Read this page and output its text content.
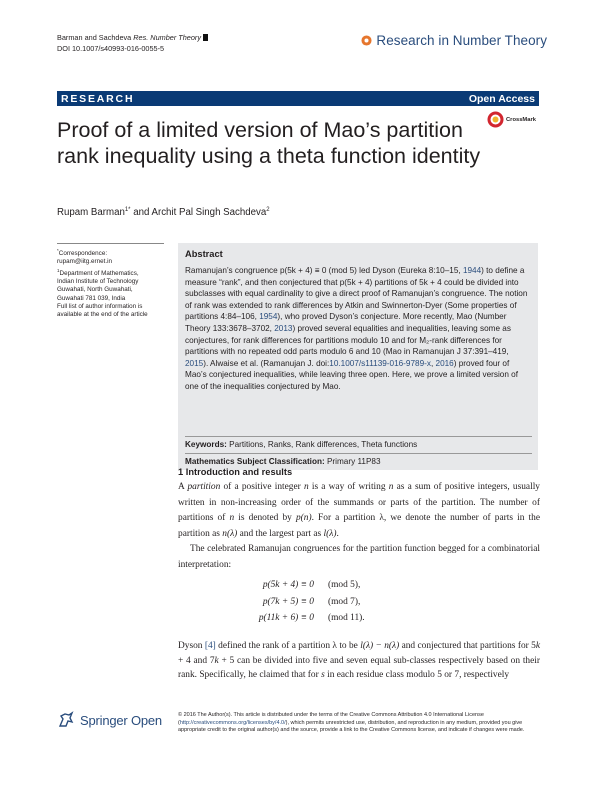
Barman and Sachdeva Res. Number Theory
DOI 10.1007/s40993-016-0055-5
Research in Number Theory
RESEARCH	Open Access
Proof of a limited version of Mao’s partition rank inequality using a theta function identity
CrossMark
Rupam Barman$^{1*}$ and Archit Pal Singh Sachdeva$^2$
*Correspondence:
rupam@iitg.ernet.in
$^1$Department of Mathematics,
Indian Institute of Technology
Guwahati, North Guwahati,
Guwahati 781 039, India
Full list of author information is
available at the end of the article
Abstract
Ramanujan’s congruence p(5k + 4) ≡ 0 (mod 5) led Dyson (Eureka 8:10–15, 1944) to define a measure “rank”, and then conjectured that p(5k + 4) partitions of 5k + 4 could be divided into subclasses with equal cardinality to give a direct proof of Ramanujan’s congruence. The notion of rank was extended to rank differences by Atkin and Swinnerton-Dyer (Some properties of partitions 4:84–106, 1954), who proved Dyson’s conjecture. More recently, Mao (Number Theory 133:3678–3702, 2013) proved several equalities and inequalities, leaving some as conjectures, for rank differences for partitions modulo 10 and for M₂-rank differences for partitions with no repeated odd parts modulo 6 and 10 (Mao in Ramanujan J 37:391–419, 2015). Alwaise et al. (Ramanujan J. doi:10.1007/s11139-016-9789-x, 2016) proved four of Mao’s conjectured inequalities, while leaving three open. Here, we prove a limited version of one of the inequalities conjectured by Mao.
Keywords: Partitions, Ranks, Rank differences, Theta functions
Mathematics Subject Classification: Primary 11P83
1 Introduction and results

A partition of a positive integer n is a way of writing n as a sum of positive integers, usually written in non-increasing order of the summands or parts of the partition. The number of partitions of n is denoted by p(n). For a partition λ, we denote the number of parts in the partition as n(λ) and the largest part as l(λ).

The celebrated Ramanujan congruences for the partition function begged for a combinatorial interpretation:

p(5k + 4) ≡ 0 (mod 5),
p(7k + 5) ≡ 0 (mod 7),
p(11k + 6) ≡ 0 (mod 11).

Dyson [4] defined the rank of a partition λ to be l(λ) − n(λ) and conjectured that partitions for 5k + 4 and 7k + 5 can be divided into five and seven equal sub-classes respectively based on their rank. Specifically, he claimed that for s in each residue class modulo 5 or 7, respectively

Springer Open	© 2016 The Author(s). This article is distributed under the terms of the Creative Commons Attribution 4.0 International License (http://creativecommons.org/licenses/by/4.0/), which permits unrestricted use, distribution, and reproduction in any medium, provided you give appropriate credit to the original author(s) and the source, provide a link to the Creative Commons license, and indicate if changes were made.
